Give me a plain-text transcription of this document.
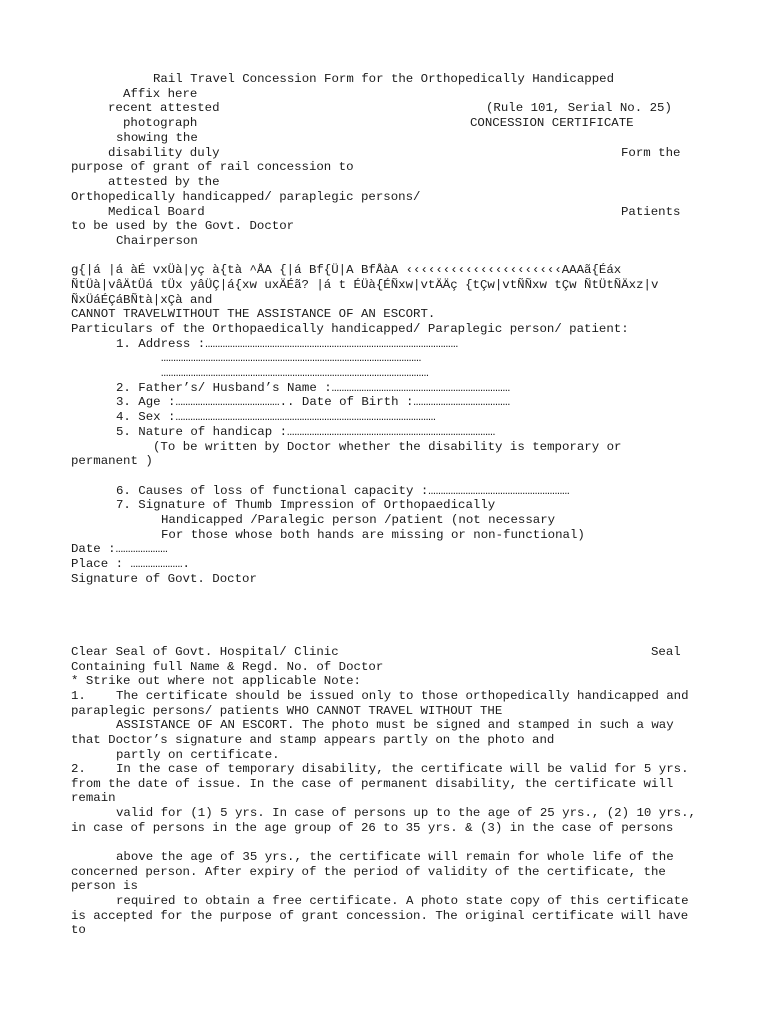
Rail Travel Concession Form for the Orthopedically Handicapped
Affix here
recent attested	(Rule 101, Serial No. 25)
photograph	CONCESSION CERTIFICATE
showing the
disability duly	Form the
purpose of grant of rail concession to
attested by the
Orthopedically handicapped/ paraplegic persons/
Medical Board	Patients
to be used by the Govt. Doctor
Chairperson
g{|á |á àÉ vxÜà|yç à{tà ^ÅA {|á Bf{Ü|A BfÅàA ‹‹‹‹‹‹‹‹‹‹‹‹‹‹‹‹‹‹‹‹‹AAAã{Éáx
ÑtÜà|vâÄtÜá tÜx yâÜÇ|á{xw uxÄÉã? |á t ÉÜà{ÉÑxw|vtÄÄç {tÇw|vtÑÑxw tÇw ÑtÜtÑÄxz|v
ÑxÜáÉÇáBÑtà|xÇà and
CANNOT TRAVELWITHOUT THE ASSISTANCE OF AN ESCORT.
Particulars of the Orthopaedically handicapped/ Paraplegic person/ patient:
1. Address :…………………………………………………………………………………………
……………………………………………………………………………………………
………………………………………………………………………………………………
2. Father’s/ Husband’s Name :………………………………………………………………
3. Age :…………………………………….. Date of Birth :…………………………………
4. Sex :……………………………………………………………………………………………
5. Nature of handicap :…………………………………………………………………………
(To be written by Doctor whether the disability is temporary or
permanent )
6. Causes of loss of functional capacity :…………………………………………………
7. Signature of Thumb Impression of Orthopaedically
Handicapped /Paralegic person /patient (not necessary
For those whose both hands are missing or non-functional)
Date :…………………
Place : ………………….
Signature of Govt. Doctor
Clear Seal of Govt. Hospital/ Clinic	Seal
Containing full Name & Regd. No. of Doctor
* Strike out where not applicable Note:
1. The certificate should be issued only to those orthopedically handicapped and paraplegic persons/ patients WHO CANNOT TRAVEL WITHOUT THE
ASSISTANCE OF AN ESCORT. The photo must be signed and stamped in such a way that Doctor’s signature and stamp appears partly on the photo and
partly on certificate.
2. In the case of temporary disability, the certificate will be valid for 5 yrs. from the date of issue. In the case of permanent disability, the certificate will remain
valid for (1) 5 yrs. In case of persons up to the age of 25 yrs., (2) 10 yrs., in case of persons in the age group of 26 to 35 yrs. & (3) in the case of persons
above the age of 35 yrs., the certificate will remain for whole life of the concerned person. After expiry of the period of validity of the certificate, the person is
required to obtain a free certificate. A photo state copy of this certificate is accepted for the purpose of grant concession. The original certificate will have to
